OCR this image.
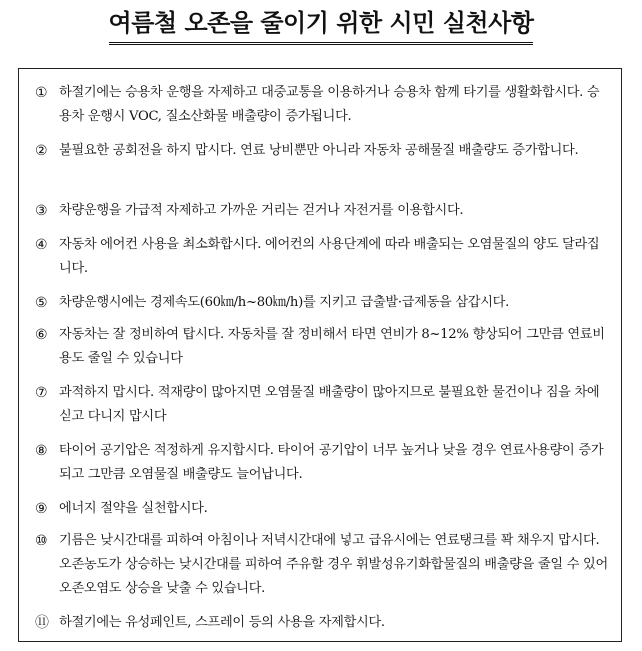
여름철 오존을 줄이기 위한 시민 실천사항
① 하절기에는 승용차 운행을 자제하고 대중교통을 이용하거나 승용차 함께 타기를 생활화합시다. 승용차 운행시 VOC, 질소산화물 배출량이 증가됩니다.
② 불필요한 공회전을 하지 맙시다. 연료 낭비뿐만 아니라 자동차 공해물질 배출량도 증가합니다.
③ 차량운행을 가급적 자제하고 가까운 거리는 걷거나 자전거를 이용합시다.
④ 자동차 에어컨 사용을 최소화합시다. 에어컨의 사용단계에 따라 배출되는 오염물질의 양도 달라집니다.
⑤ 차량운행시에는 경제속도(60㎞/h~80㎞/h)를 지키고 급출발·급제동을 삼갑시다.
⑥ 자동차는 잘 정비하여 탑시다. 자동차를 잘 정비해서 타면 연비가 8~12% 향상되어 그만큼 연료비용도 줄일 수 있습니다
⑦ 과적하지 맙시다. 적재량이 많아지면 오염물질 배출량이 많아지므로 불필요한 물건이나 짐을 차에 싣고 다니지 맙시다
⑧ 타이어 공기압은 적정하게 유지합시다. 타이어 공기압이 너무 높거나 낮을 경우 연료사용량이 증가되고 그만큼 오염물질 배출량도 늘어납니다.
⑨ 에너지 절약을 실천합시다.
⑩ 기름은 낮시간대를 피하여 아침이나 저녁시간대에 넣고 급유시에는 연료탱크를 꽉 채우지 맙시다. 오존농도가 상승하는 낮시간대를 피하여 주유할 경우 휘발성유기화합물질의 배출량을 줄일 수 있어 오존오염도 상승을 낮출 수 있습니다.
⑪ 하절기에는 유성페인트, 스프레이 등의 사용을 자제합시다.
